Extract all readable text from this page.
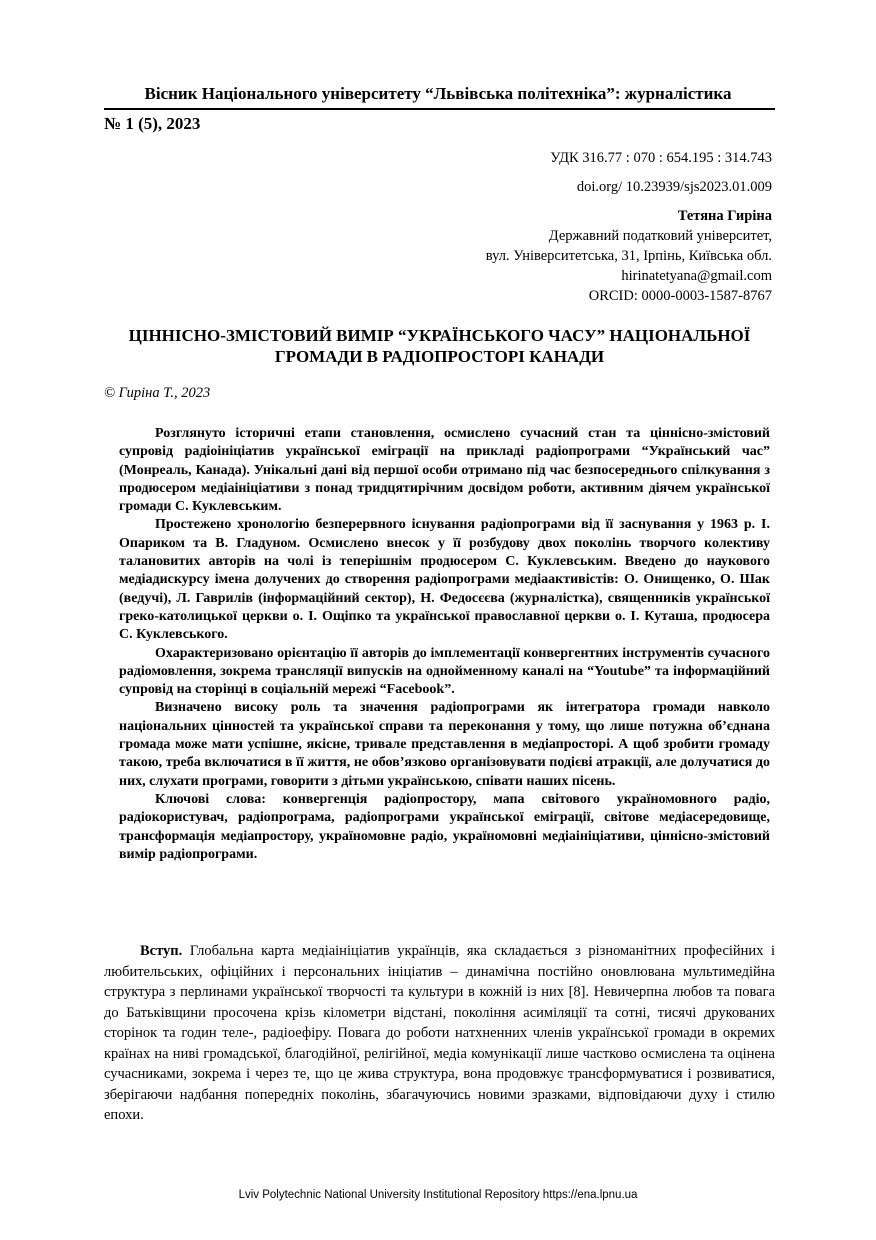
Вісник Національного університету “Львівська політехніка”: журналістика
№ 1 (5), 2023
УДК 316.77 : 070 : 654.195 : 314.743
doi.org/ 10.23939/sjs2023.01.009
Тетяна Гиріна
Державний податковий університет,
вул. Університетська, 31, Ірпінь, Київська обл.
hirinatetyana@gmail.com
ORCID: 0000-0003-1587-8767
ЦІННІСНО-ЗМІСТОВИЙ ВИМІР “УКРАЇНСЬКОГО ЧАСУ” НАЦІОНАЛЬНОЇ
ГРОМАДИ В РАДІОПРОСТОРІ КАНАДИ
© Гиріна Т., 2023

Розглянуто історичні етапи становлення, осмислено сучасний стан та ціннісно-змістовий супровід радіоініціатив української еміграції на прикладі радіопрограми “Український час” (Монреаль, Канада). Унікальні дані від першої особи отримано під час безпосереднього спілкування з продюсером медіаініціативи з понад тридцятирічним досвідом роботи, активним діячем української громади С. Куклевським.

Простежено хронологію безперервного існування радіопрограми від її заснування у 1963 р. І. Опариком та В. Гладуном. Осмислено внесок у її розбудову двох поколінь творчого колективу талановитих авторів на чолі із теперішнім продюсером С. Куклевським. Введено до наукового медіадискурсу імена долучених до створення радіопрограми медіаактивістів: О. Онищенко, О. Шак (ведучі), Л. Гаврилів (інформаційний сектор), Н. Федосєєва (журналістка), священників української греко-католицької церкви о. І. Ощіпко та української православної церкви о. І. Куташа, продюсера С. Куклевського.

Охарактеризовано орієнтацію її авторів до імплементації конвергентних інструментів сучасного радіомовлення, зокрема трансляції випусків на однойменному каналі на “Youtube” та інформаційний супровід на сторінці в соціальній мережі “Facebook”.

Визначено високу роль та значення радіопрограми як інтегратора громади навколо національних цінностей та української справи та переконання у тому, що лише потужна об’єднана громада може мати успішне, якісне, тривале представлення в медіапросторі. А щоб зробити громаду такою, треба включатися в її життя, не обов’язково організовувати подієві атракції, але долучатися до них, слухати програми, говорити з дітьми українською, співати наших пісень.

Ключові слова: конвергенція радіопростору, мапа світового україномовного радіо, радіокористувач, радіопрограма, радіопрограми української еміграції, світове медіасередовище, трансформація медіапростору, україномовне радіо, україномовні медіаініціативи, ціннісно-змістовий вимір радіопрограми.

Вступ. Глобальна карта медіаініціатив українців, яка складається з різноманітних професійних і любительських, офіційних і персональних ініціатив – динамічна постійно оновлювана мультимедійна структура з перлинами української творчості та культури в кожній із них [8]. Невичерпна любов та повага до Батьківщини просочена крізь кілометри відстані, покоління асиміляції та сотні, тисячі друкованих сторінок та годин теле-, радіоефіру. Повага до роботи натхненних членів української громади в окремих країнах на ниві громадської, благодійної, релігійної, медіа комунікації лише частково осмислена та оцінена сучасниками, зокрема і через те, що це жива структура, вона продовжує трансформуватися і розвиватися, зберігаючи надбання попередніх поколінь, збагачуючись новими зразками, відповідаючи духу і стилю епохи.

Lviv Polytechnic National University Institutional Repository https://ena.lpnu.ua
